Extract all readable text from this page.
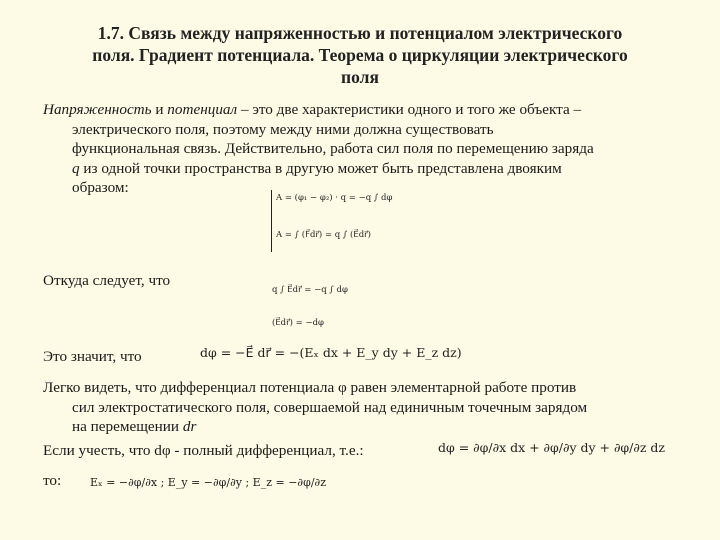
1.7. Связь между напряженностью и потенциалом электрического
поля. Градиент потенциала. Теорема о циркуляции электрического
поля
Напряженность и потенциал – это две характеристики одного и того же объекта –
электрического поля, поэтому между ними должна существовать
функциональная связь. Действительно, работа сил поля по перемещению заряда
q из одной точки пространства в другую может быть представлена двояким
образом:
A = (φ₁ − φ₂) · q = −q ∫ dφ
A = ∫ (F⃗dr⃗) = q ∫ (E⃗dr⃗)
Откуда следует, что
q ∫ E⃗dr⃗ = −q ∫ dφ
(E⃗dr⃗) = −dφ
Это значит, что	dφ = −E⃗ dr⃗ = −(Eₓ dx + E_y dy + E_z dz)
Легко видеть, что дифференциал потенциала φ равен элементарной работе против
сил электростатического поля, совершаемой над единичным точечным зарядом
на перемещении dr⃗
Если учесть, что dφ - полный дифференциал, т.е.:	dφ = ∂φ/∂x dx + ∂φ/∂y dy + ∂φ/∂z dz
то:	Eₓ = −∂φ/∂x ; E_y = −∂φ/∂y ; E_z = −∂φ/∂z
